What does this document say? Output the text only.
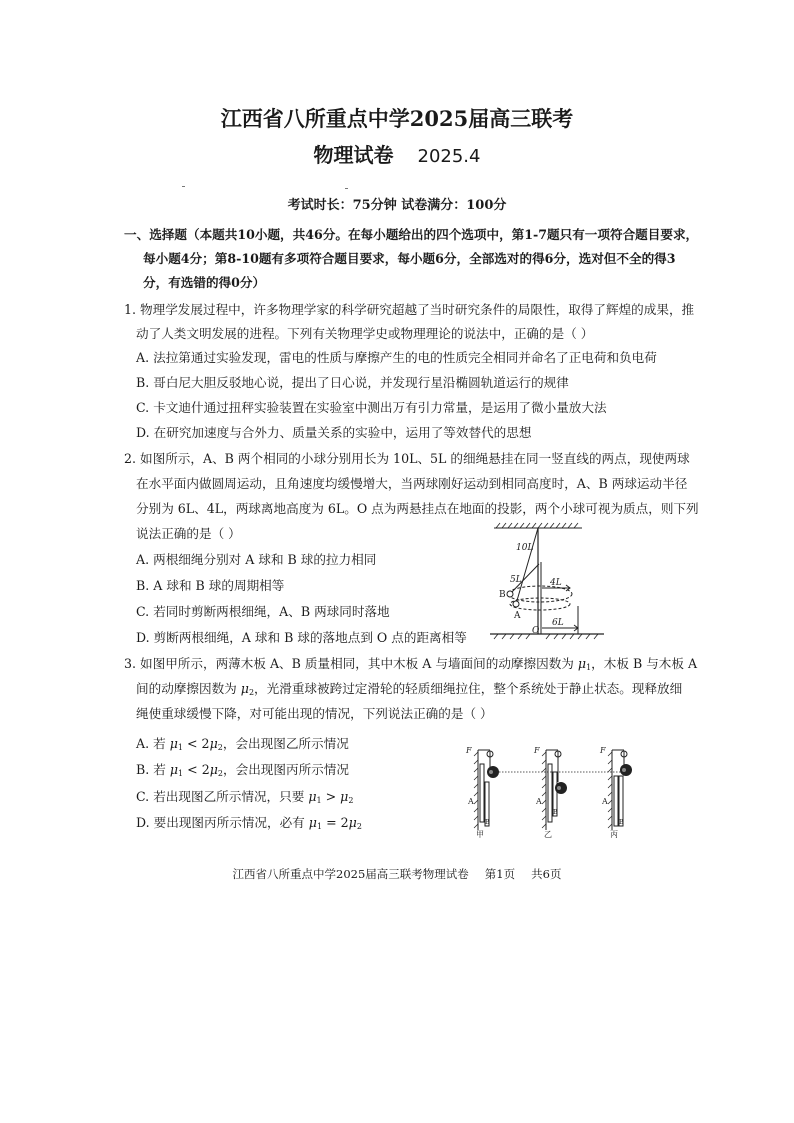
江西省八所重点中学2025届高三联考
物理试卷 2025.4
考试时长：75分钟 试卷满分：100分
一、选择题（本题共10小题，共46分。在每小题给出的四个选项中，第1-7题只有一项符合题目要求，
每小题4分；第8-10题有多项符合题目要求，每小题6分，全部选对的得6分，选对但不全的得3
分，有选错的得0分）
1. 物理学发展过程中，许多物理学家的科学研究超越了当时研究条件的局限性，取得了辉煌的成果，推
动了人类文明发展的进程。下列有关物理学史或物理理论的说法中，正确的是（ ）
A. 法拉第通过实验发现，雷电的性质与摩擦产生的电的性质完全相同并命名了正电荷和负电荷
B. 哥白尼大胆反驳地心说，提出了日心说，并发现行星沿椭圆轨道运行的规律
C. 卡文迪什通过扭秤实验装置在实验室中测出万有引力常量，是运用了微小量放大法
D. 在研究加速度与合外力、质量关系的实验中，运用了等效替代的思想
2. 如图所示，A、B 两个相同的小球分别用长为 10L、5L 的细绳悬挂在同一竖直线的两点，现使两球
在水平面内做圆周运动，且角速度均缓慢增大，当两球刚好运动到相同高度时，A、B 两球运动半径
分别为 6L、4L，两球离地高度为 6L。O 点为两悬挂点在地面的投影，两个小球可视为质点，则下列
说法正确的是（ ）
A. 两根细绳分别对 A 球和 B 球的拉力相同
B. A 球和 B 球的周期相等
C. 若同时剪断两根细绳，A、B 两球同时落地
D. 剪断两根细绳，A 球和 B 球的落地点到 O 点的距离相等
10L
5L	4L
6L
B
A
O
3. 如图甲所示，两薄木板 A、B 质量相同，其中木板 A 与墙面间的动摩擦因数为 $\mu_1$，木板 B 与木板 A
间的动摩擦因数为 $\mu_2$，光滑重球被跨过定滑轮的轻质细绳拉住，整个系统处于静止状态。现释放细
绳使重球缓慢下降，对可能出现的情况，下列说法正确的是（ ）
A. 若 $\mu_1 < 2\mu_2$，会出现图乙所示情况
B. 若 $\mu_1 < 2\mu_2$，会出现图丙所示情况
C. 若出现图乙所示情况，只要 $\mu_1 > \mu_2$
D. 要出现图丙所示情况，必有 $\mu_1 = 2\mu_2$
F	F	F
A
B
A
B
A
B
甲	乙	丙
江西省八所重点中学2025届高三联考物理试卷 第1页 共6页
